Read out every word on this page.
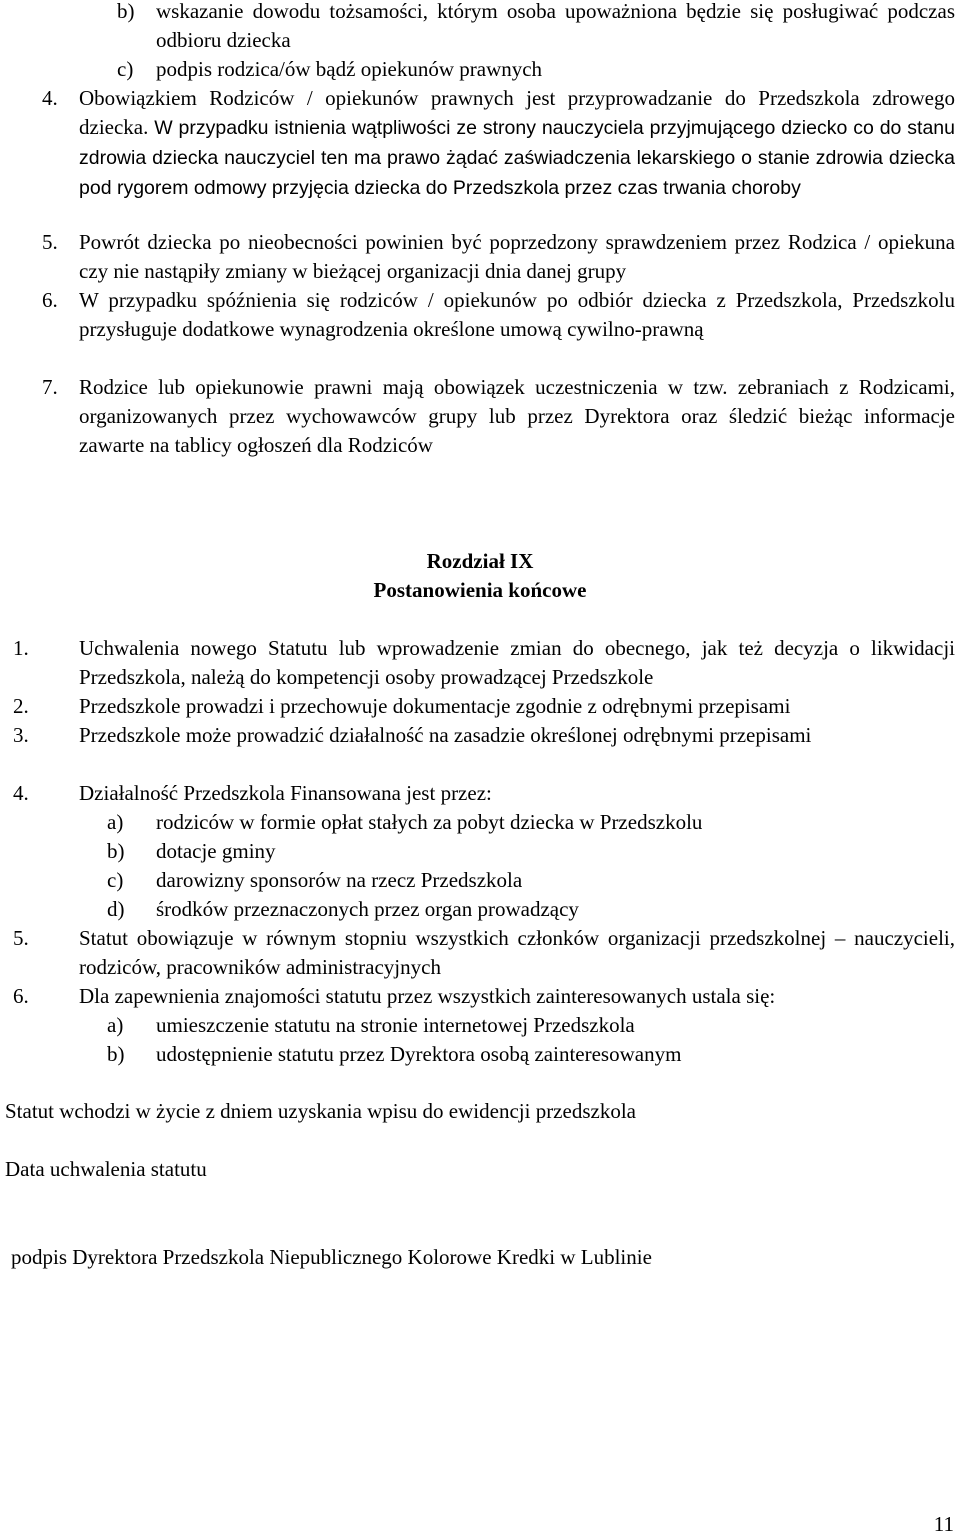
b)	wskazanie dowodu tożsamości, którym osoba upoważniona będzie się posługiwać podczas odbioru dziecka
c)	podpis rodzica/ów bądź opiekunów prawnych
4.	Obowiązkiem Rodziców / opiekunów prawnych jest przyprowadzanie do Przedszkola zdrowego dziecka. W przypadku istnienia wątpliwości ze strony nauczyciela przyjmującego dziecko co do stanu zdrowia dziecka nauczyciel ten ma prawo żądać zaświadczenia lekarskiego o stanie zdrowia dziecka pod rygorem odmowy przyjęcia dziecka do Przedszkola przez czas trwania choroby
5.	Powrót dziecka po nieobecności powinien być poprzedzony sprawdzeniem przez Rodzica / opiekuna czy nie nastąpiły zmiany w bieżącej organizacji dnia danej grupy
6.	W przypadku spóźnienia się rodziców / opiekunów po odbiór dziecka z Przedszkola, Przedszkolu przysługuje dodatkowe wynagrodzenia określone umową cywilno-prawną
7.	Rodzice lub opiekunowie prawni mają obowiązek uczestniczenia w tzw. zebraniach z Rodzicami, organizowanych przez wychowawców grupy lub przez Dyrektora oraz śledzić bieżąc informacje zawarte na tablicy ogłoszeń dla Rodziców
Rozdział IX
Postanowienia końcowe
1.	Uchwalenia nowego Statutu lub wprowadzenie zmian do obecnego, jak też decyzja o likwidacji Przedszkola, należą do kompetencji osoby prowadzącej Przedszkole
2.	Przedszkole prowadzi i przechowuje dokumentacje zgodnie z odrębnymi przepisami
3.	Przedszkole może prowadzić działalność na zasadzie określonej odrębnymi przepisami
4.	Działalność Przedszkola Finansowana jest przez:
a)	rodziców w formie opłat stałych za pobyt dziecka w Przedszkolu
b)	dotacje gminy
c)	darowizny sponsorów na rzecz Przedszkola
d)	środków przeznaczonych przez organ prowadzący
5.	Statut obowiązuje w równym stopniu wszystkich członków organizacji przedszkolnej – nauczycieli, rodziców, pracowników administracyjnych
6.	Dla zapewnienia znajomości statutu przez wszystkich zainteresowanych ustala się:
a)	umieszczenie statutu na stronie internetowej Przedszkola
b)	udostępnienie statutu przez Dyrektora osobą zainteresowanym
Statut wchodzi w życie z dniem uzyskania wpisu do ewidencji przedszkola
Data uchwalenia statutu
podpis Dyrektora Przedszkola Niepublicznego Kolorowe Kredki w Lublinie
11
